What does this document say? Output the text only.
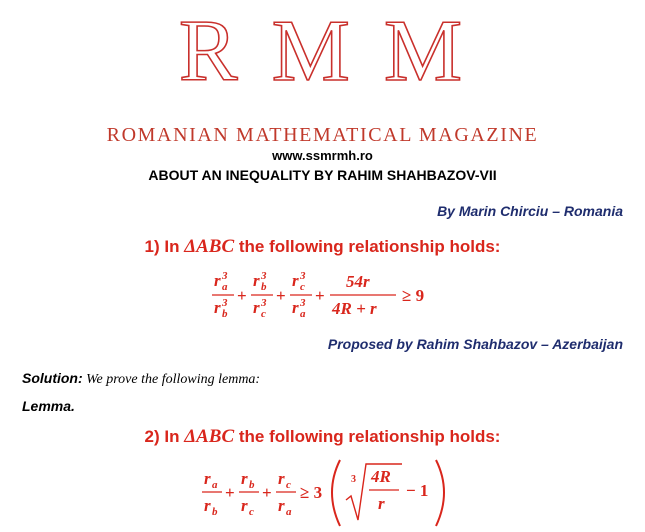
RMM
ROMANIAN MATHEMATICAL MAGAZINE
www.ssmrmh.ro
ABOUT AN INEQUALITY BY RAHIM SHAHBAZOV-VII
By Marin Chirciu – Romania
1) In ΔABC the following relationship holds:
r 3
a
r 3
b
+
r 3
b
r 3
c
+
r 3
c
r 3
a
+
54r
4R + r
≥ 9
Proposed by Rahim Shahbazov – Azerbaijan
Solution: We prove the following lemma:
Lemma.
2) In ΔABC the following relationship holds:
r a
r b
+
r b
r c
+
r c
r a
≥ 3
3 4R
r
− 1
